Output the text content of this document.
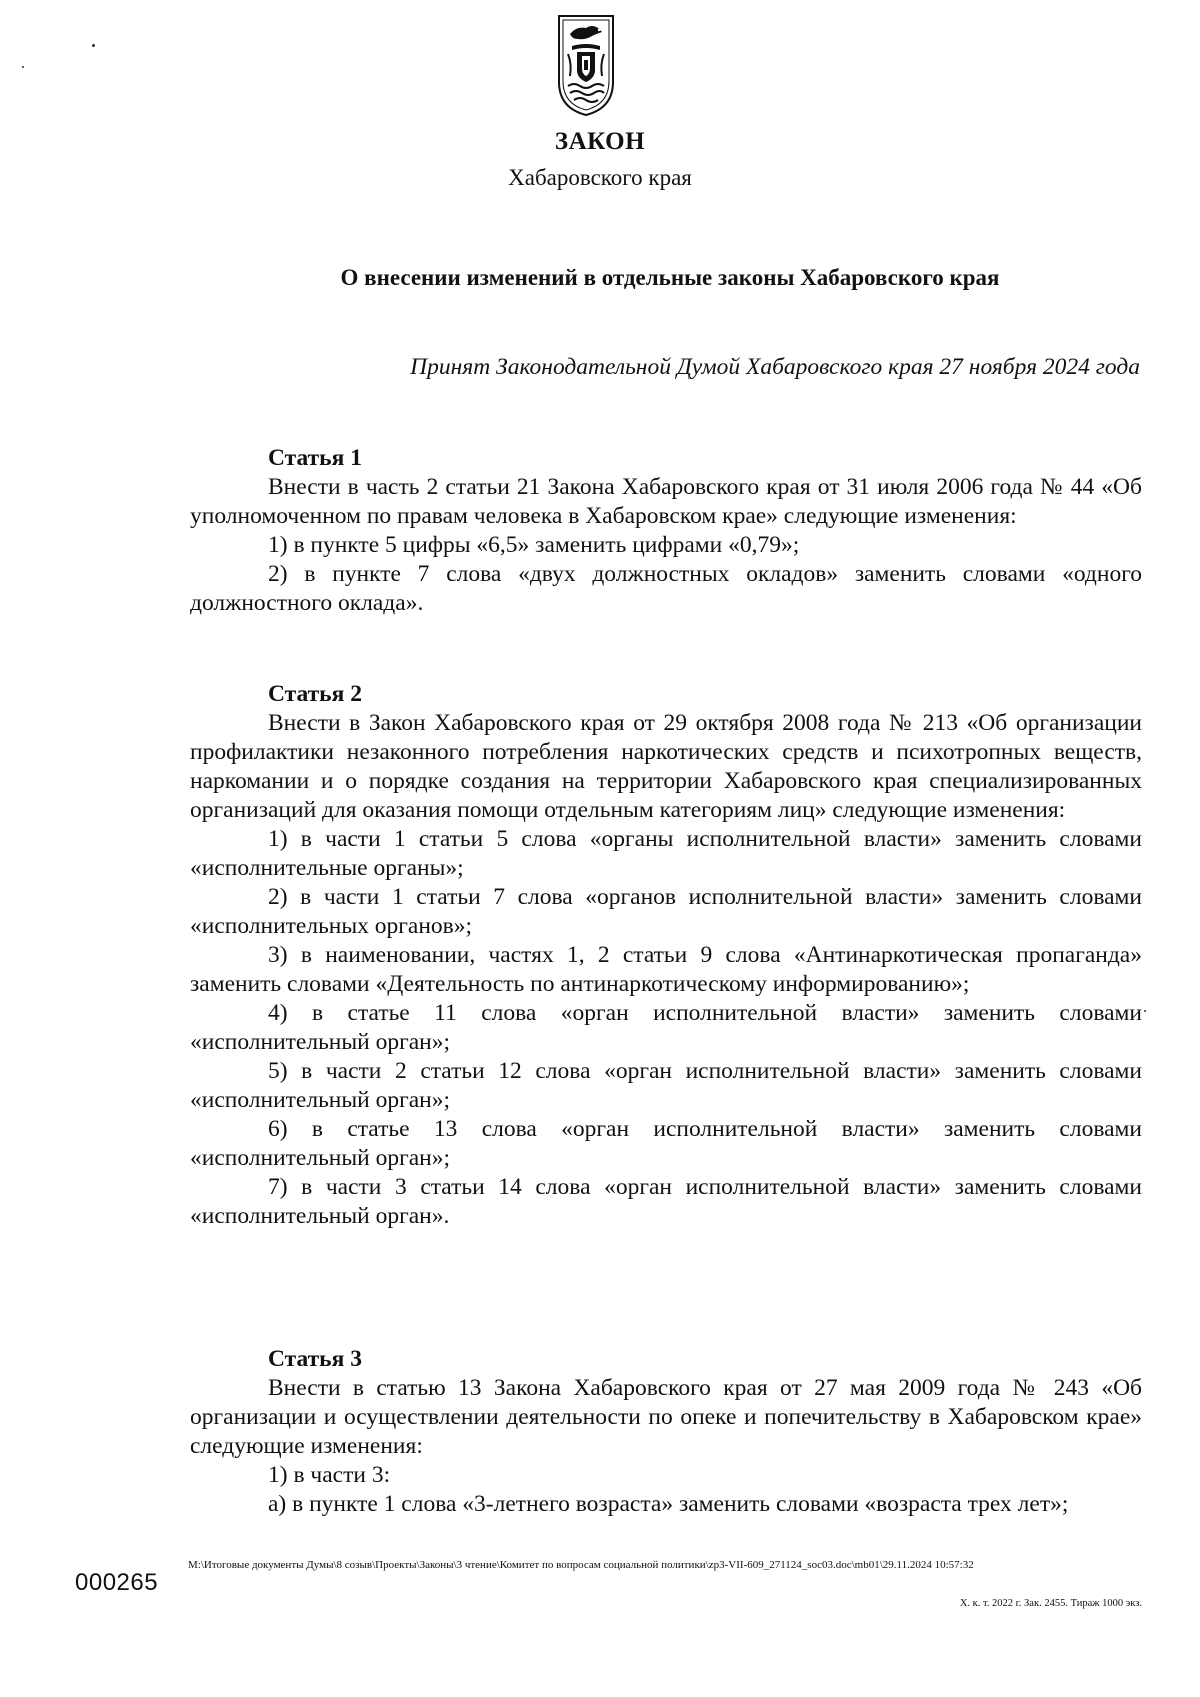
ЗАКОН
Хабаровского края
О внесении изменений в отдельные законы Хабаровского края
Принят Законодательной Думой Хабаровского края 27 ноября 2024 года
Статья 1

Внести в часть 2 статьи 21 Закона Хабаровского края от 31 июля 2006 года № 44 «Об уполномоченном по правам человека в Хабаровском крае» следующие изменения:

1) в пункте 5 цифры «6,5» заменить цифрами «0,79»;

2) в пункте 7 слова «двух должностных окладов» заменить словами «одного должностного оклада».

Статья 2

Внести в Закон Хабаровского края от 29 октября 2008 года № 213 «Об организации профилактики незаконного потребления наркотических средств и психотропных веществ, наркомании и о порядке создания на территории Хабаровского края специализированных организаций для оказания помощи отдельным категориям лиц» следующие изменения:

1) в части 1 статьи 5 слова «органы исполнительной власти» заменить словами «исполнительные органы»;

2) в части 1 статьи 7 слова «органов исполнительной власти» заменить словами «исполнительных органов»;

3) в наименовании, частях 1, 2 статьи 9 слова «Антинаркотическая пропаганда» заменить словами «Деятельность по антинаркотическому информированию»;

4) в статье 11 слова «орган исполнительной власти» заменить словами «исполнительный орган»;

5) в части 2 статьи 12 слова «орган исполнительной власти» заменить словами «исполнительный орган»;

6) в статье 13 слова «орган исполнительной власти» заменить словами «исполнительный орган»;

7) в части 3 статьи 14 слова «орган исполнительной власти» заменить словами «исполнительный орган».

Статья 3

Внести в статью 13 Закона Хабаровского края от 27 мая 2009 года № 243 «Об организации и осуществлении деятельности по опеке и попечительству в Хабаровском крае» следующие изменения:

1) в части 3:

а) в пункте 1 слова «3-летнего возраста» заменить словами «возраста трех лет»;

000265
M:\Итоговые документы Думы\8 созыв\Проекты\Законы\3 чтение\Комитет по вопросам социальной политики\zp3-VII-609_271124_soc03.doc\mb01\29.11.2024 10:57:32
Х. к. т. 2022 г. Зак. 2455. Тираж 1000 экз.
